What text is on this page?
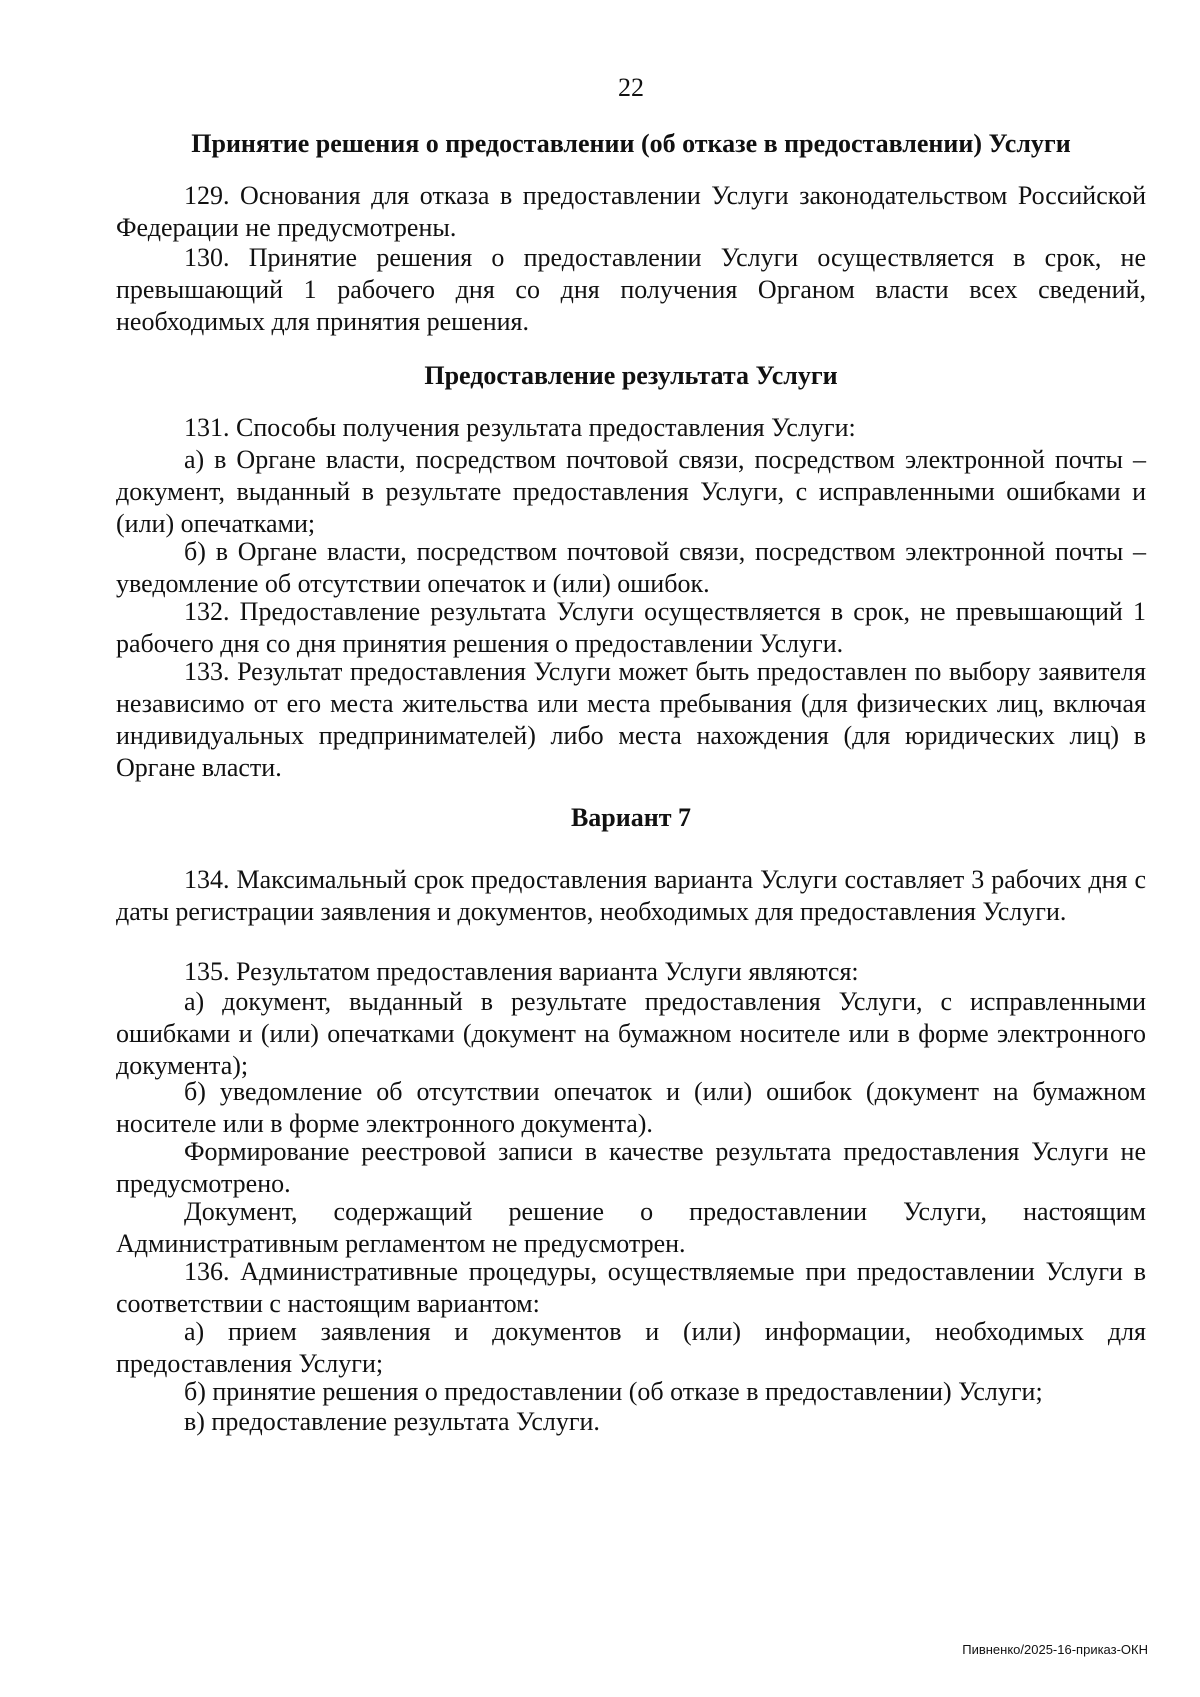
22
Принятие решения о предоставлении (об отказе в предоставлении) Услуги

129. Основания для отказа в предоставлении Услуги законодательством Российской Федерации не предусмотрены.

130. Принятие решения о предоставлении Услуги осуществляется в срок, не превышающий 1 рабочего дня со дня получения Органом власти всех сведений, необходимых для принятия решения.

Предоставление результата Услуги

131. Способы получения результата предоставления Услуги:

а) в Органе власти, посредством почтовой связи, посредством электронной почты – документ, выданный в результате предоставления Услуги, с исправленными ошибками и (или) опечатками;

б) в Органе власти, посредством почтовой связи, посредством электронной почты – уведомление об отсутствии опечаток и (или) ошибок.

132. Предоставление результата Услуги осуществляется в срок, не превышающий 1 рабочего дня со дня принятия решения о предоставлении Услуги.

133. Результат предоставления Услуги может быть предоставлен по выбору заявителя независимо от его места жительства или места пребывания (для физических лиц, включая индивидуальных предпринимателей) либо места нахождения (для юридических лиц) в Органе власти.

Вариант 7

134. Максимальный срок предоставления варианта Услуги составляет 3 рабочих дня с даты регистрации заявления и документов, необходимых для предоставления Услуги.

135. Результатом предоставления варианта Услуги являются:

а) документ, выданный в результате предоставления Услуги, с исправленными ошибками и (или) опечатками (документ на бумажном носителе или в форме электронного документа);

б) уведомление об отсутствии опечаток и (или) ошибок (документ на бумажном носителе или в форме электронного документа).

Формирование реестровой записи в качестве результата предоставления Услуги не предусмотрено.

Документ, содержащий решение о предоставлении Услуги, настоящим Административным регламентом не предусмотрен.

136. Административные процедуры, осуществляемые при предоставлении Услуги в соответствии с настоящим вариантом:

а) прием заявления и документов и (или) информации, необходимых для предоставления Услуги;

б) принятие решения о предоставлении (об отказе в предоставлении) Услуги;

в) предоставление результата Услуги.

Пивненко/2025-16-приказ-ОКН
